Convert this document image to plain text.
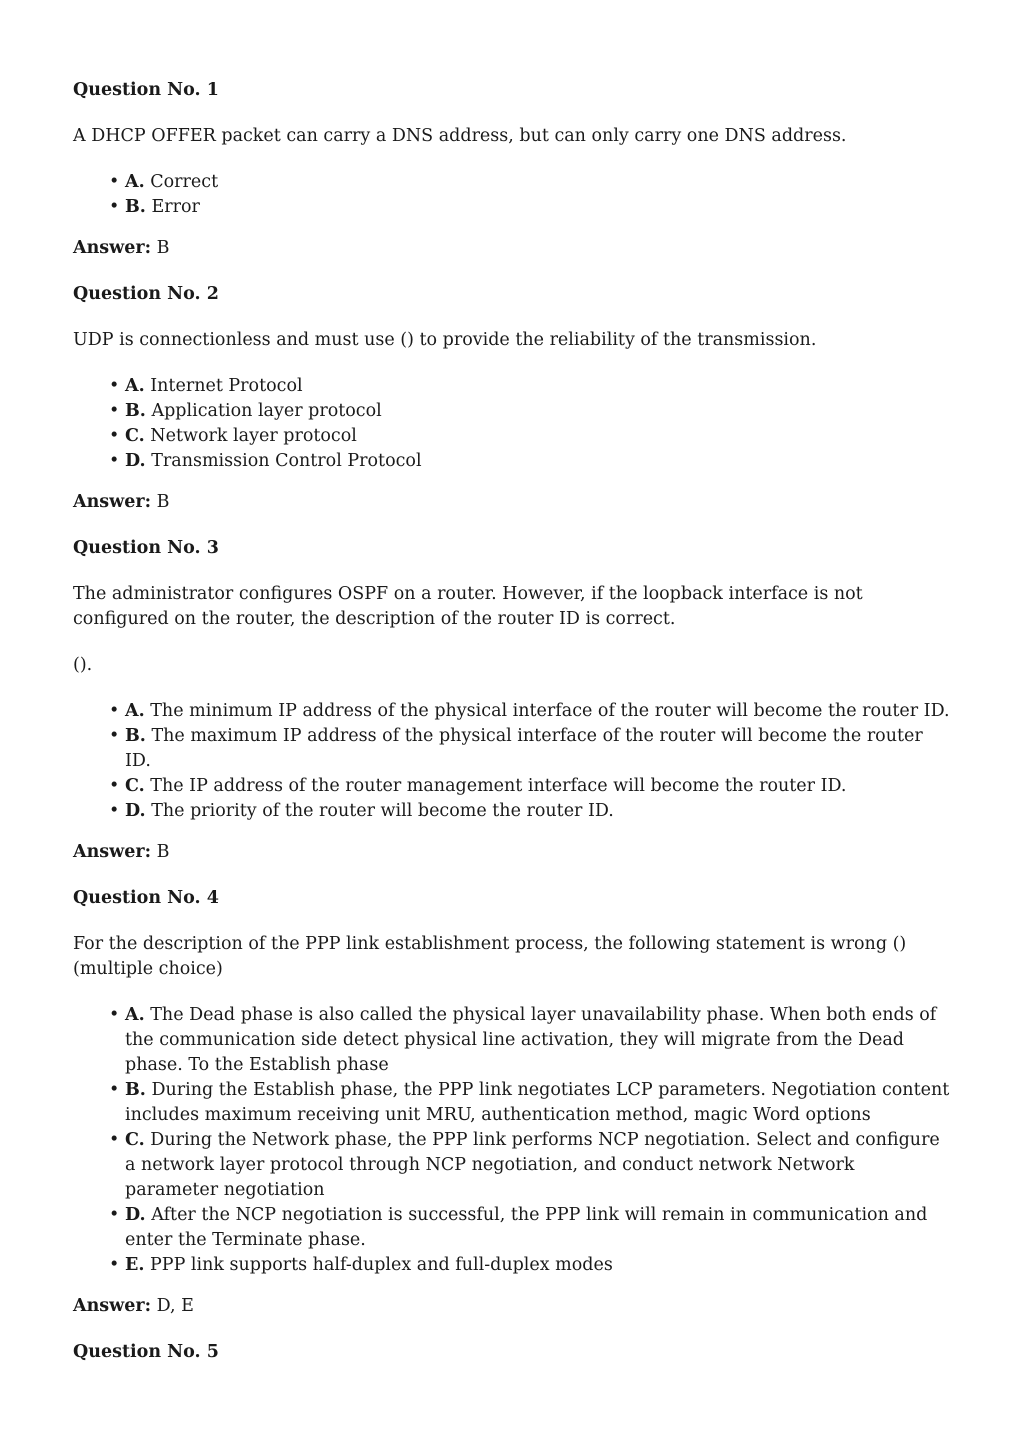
Question No. 1

A DHCP OFFER packet can carry a DNS address, but can only carry one DNS address.

• A. Correct
• B. Error

Answer: B

Question No. 2

UDP is connectionless and must use () to provide the reliability of the transmission.

• A. Internet Protocol
• B. Application layer protocol
• C. Network layer protocol
• D. Transmission Control Protocol

Answer: B

Question No. 3

The administrator configures OSPF on a router. However, if the loopback interface is not configured on the router, the description of the router ID is correct.

().

• A. The minimum IP address of the physical interface of the router will become the router ID.
• B. The maximum IP address of the physical interface of the router will become the router ID.
• C. The IP address of the router management interface will become the router ID.
• D. The priority of the router will become the router ID.

Answer: B

Question No. 4

For the description of the PPP link establishment process, the following statement is wrong () (multiple choice)

• A. The Dead phase is also called the physical layer unavailability phase. When both ends of the communication side detect physical line activation, they will migrate from the Dead phase. To the Establish phase
• B. During the Establish phase, the PPP link negotiates LCP parameters. Negotiation content includes maximum receiving unit MRU, authentication method, magic Word options
• C. During the Network phase, the PPP link performs NCP negotiation. Select and configure a network layer protocol through NCP negotiation, and conduct network Network parameter negotiation
• D. After the NCP negotiation is successful, the PPP link will remain in communication and enter the Terminate phase.
• E. PPP link supports half-duplex and full-duplex modes

Answer: D, E

Question No. 5
